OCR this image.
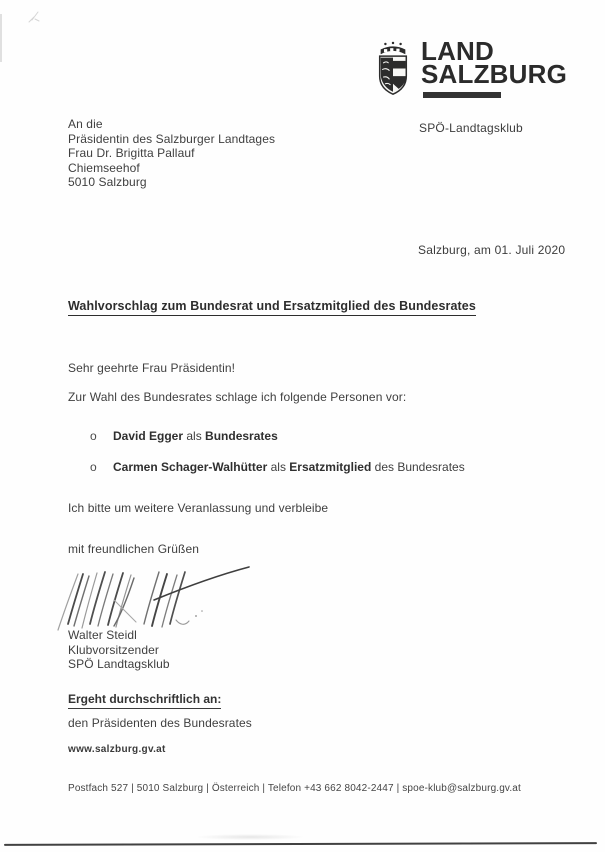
LAND
SALZBURG
SPÖ-Landtagsklub
An die
Präsidentin des Salzburger Landtages
Frau Dr. Brigitta Pallauf
Chiemseehof
5010 Salzburg
Salzburg, am 01. Juli 2020
Wahlvorschlag zum Bundesrat und Ersatzmitglied des Bundesrates
Sehr geehrte Frau Präsidentin!
Zur Wahl des Bundesrates schlage ich folgende Personen vor:
o	David Egger als Bundesrates
o	Carmen Schager-Walhütter als Ersatzmitglied des Bundesrates
Ich bitte um weitere Veranlassung und verbleibe
mit freundlichen Grüßen
Walter Steidl
Klubvorsitzender
SPÖ Landtagsklub
Ergeht durchschriftlich an:
den Präsidenten des Bundesrates
www.salzburg.gv.at
Postfach 527 | 5010 Salzburg | Österreich | Telefon +43 662 8042-2447 | spoe-klub@salzburg.gv.at
